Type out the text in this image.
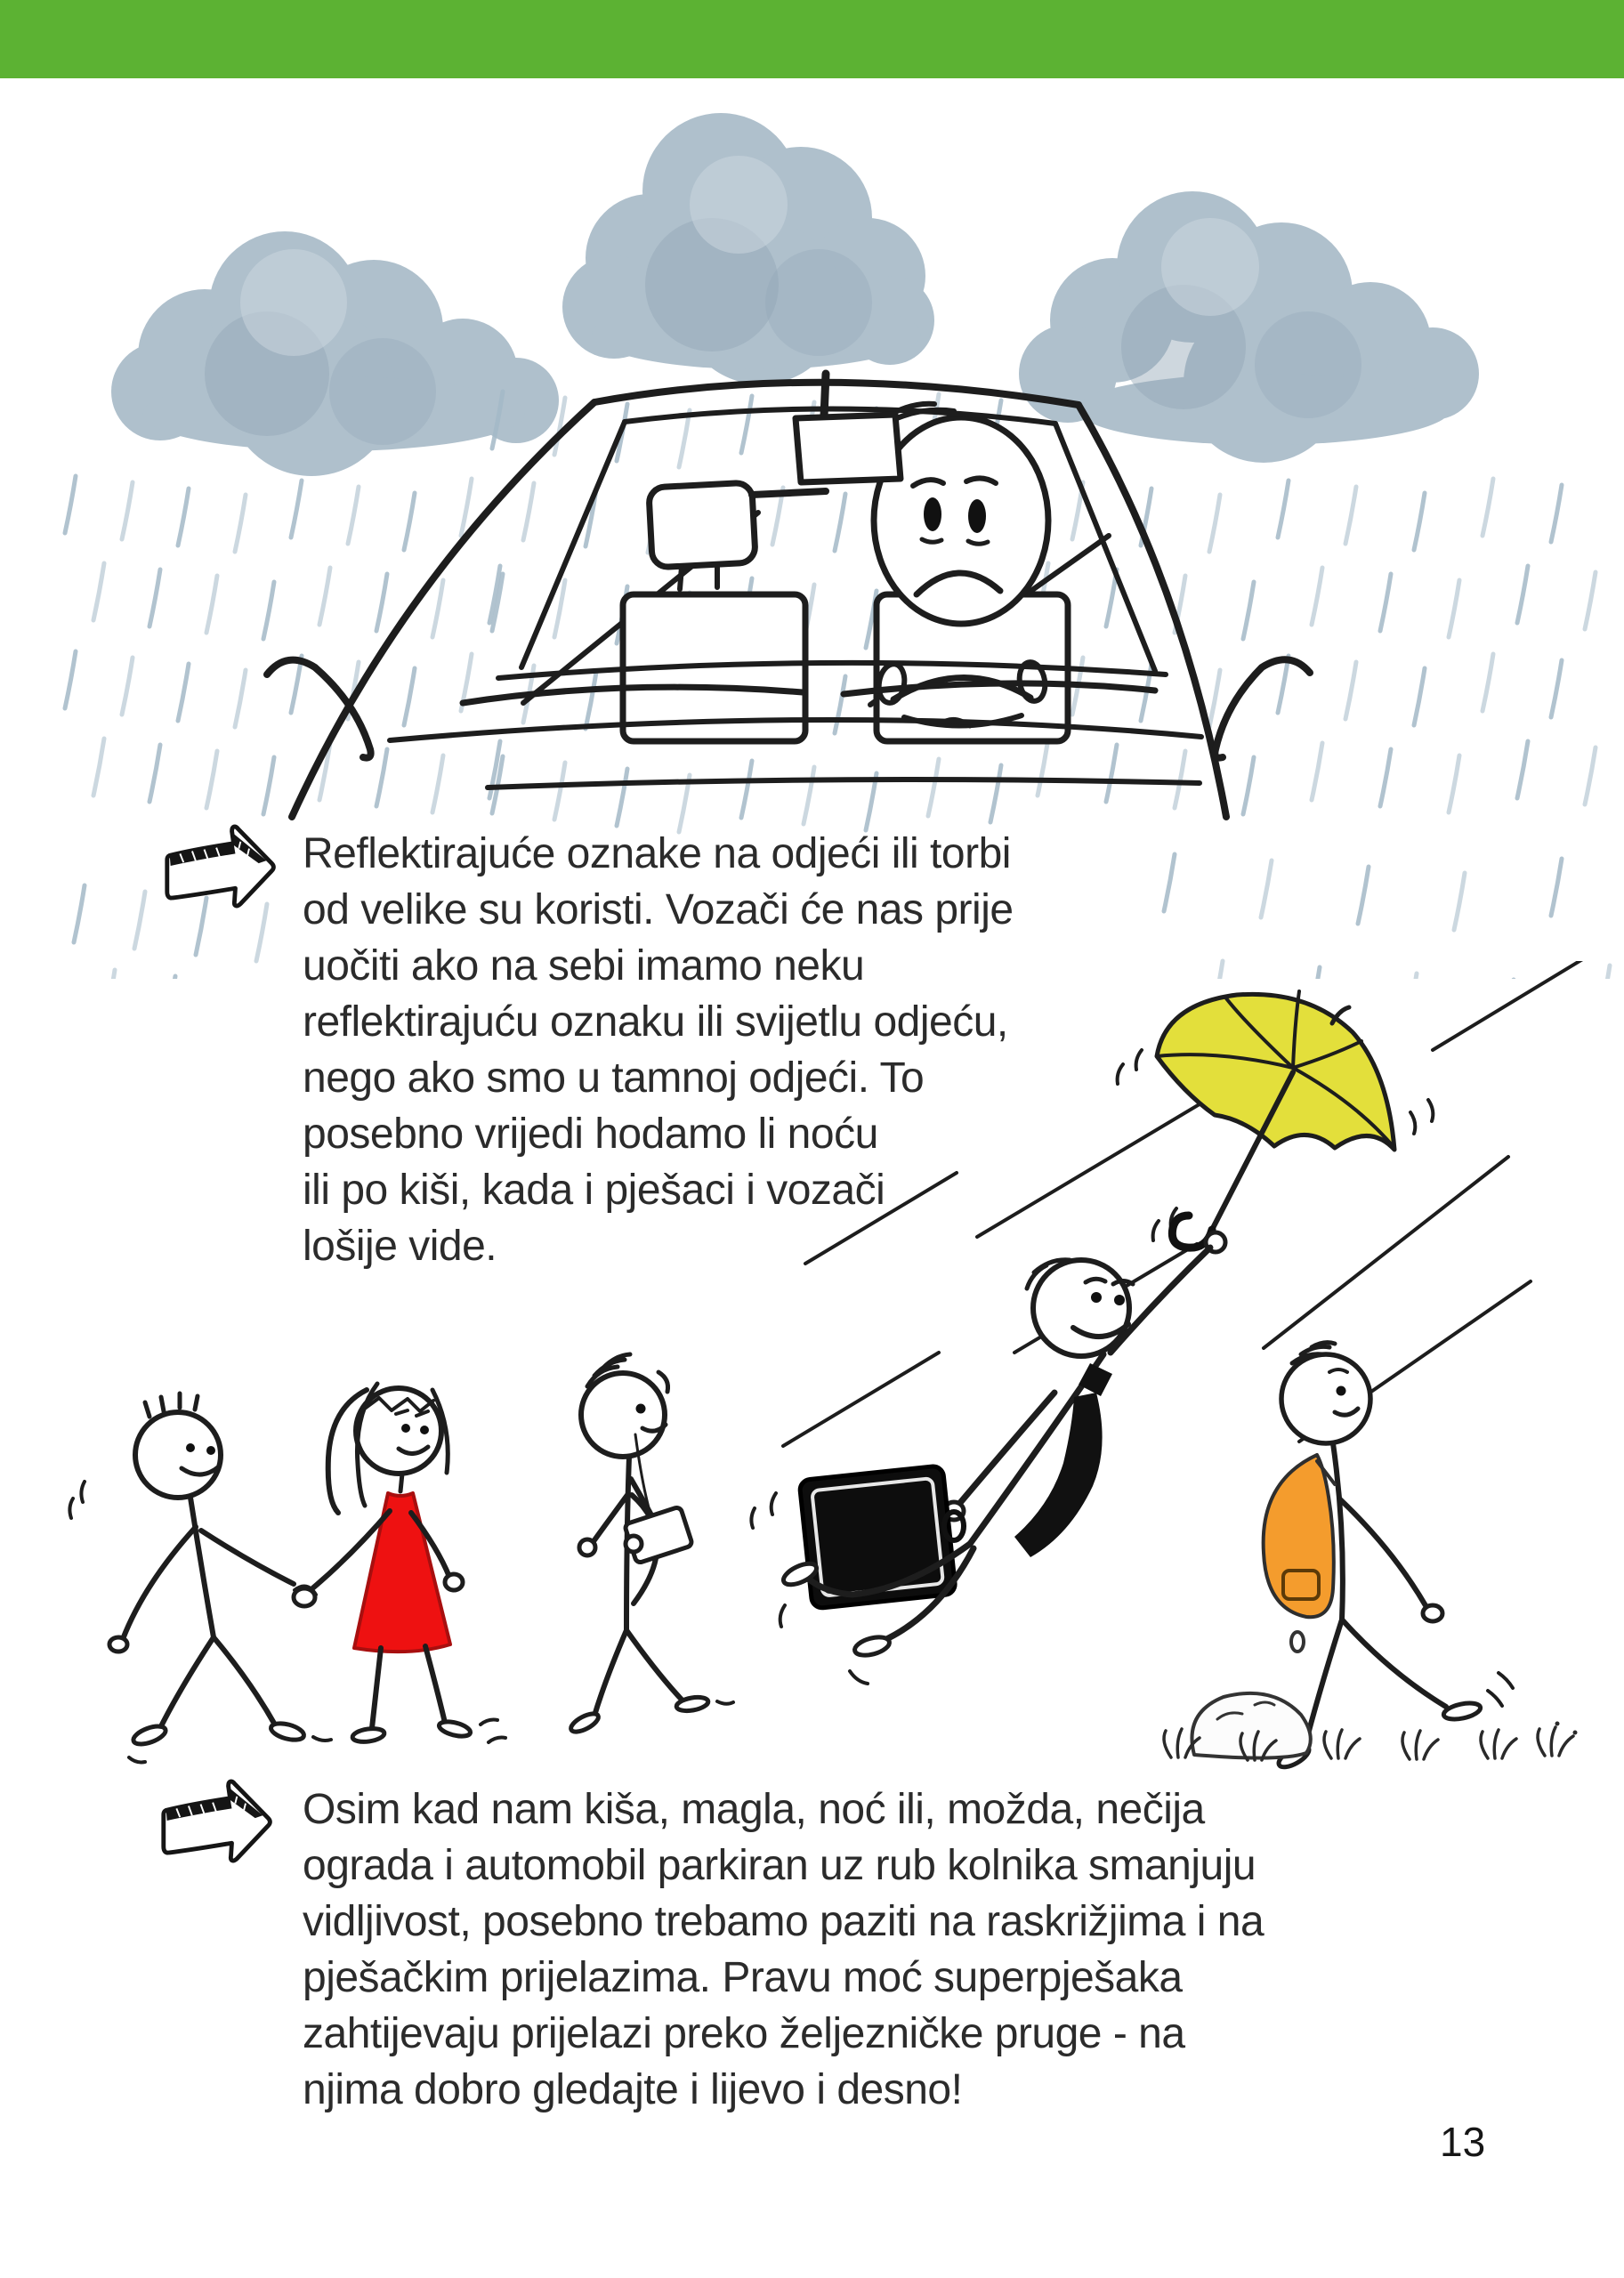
Reflektirajuće oznake na odjeći ili torbi
od velike su koristi. Vozači će nas prije
uočiti ako na sebi imamo neku
reflektirajuću oznaku ili svijetlu odjeću,
nego ako smo u tamnoj odjeći. To
posebno vrijedi hodamo li noću
ili po kiši, kada i pješaci i vozači
lošije vide.
Osim kad nam kiša, magla, noć ili, možda, nečija
ograda i automobil parkiran uz rub kolnika smanjuju
vidljivost, posebno trebamo paziti na raskrižjima i na
pješačkim prijelazima. Pravu moć superpješaka
zahtijevaju prijelazi preko željezničke pruge - na
njima dobro gledajte i lijevo i desno!
13
